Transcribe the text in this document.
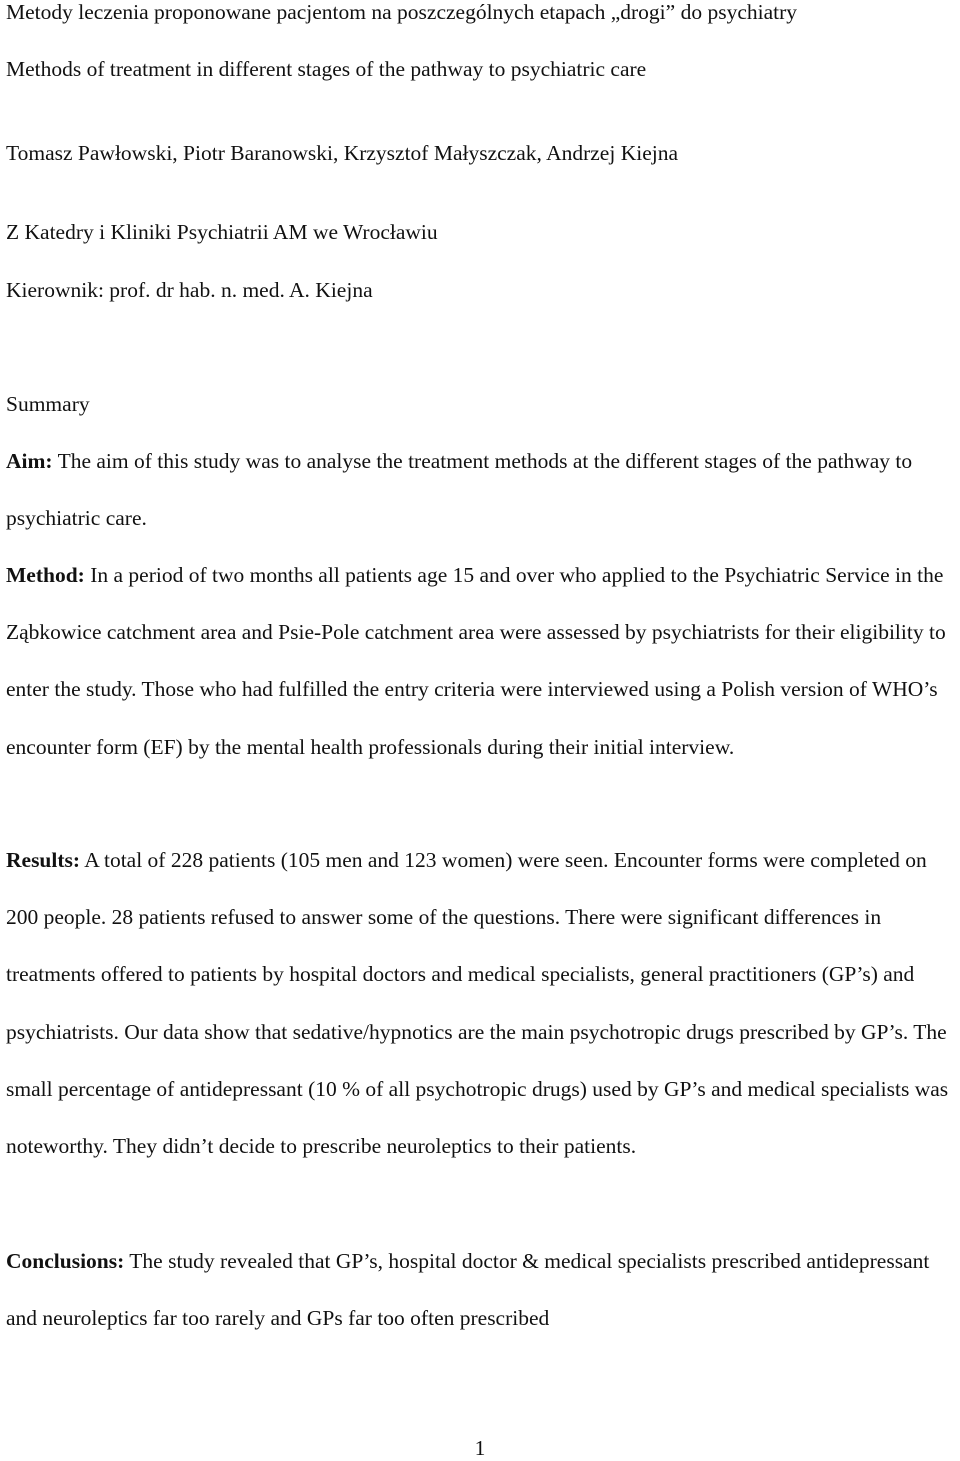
Metody leczenia proponowane pacjentom na poszczególnych etapach „drogi” do psychiatry
Methods of treatment in different stages of the pathway to psychiatric care
Tomasz Pawłowski, Piotr Baranowski, Krzysztof Małyszczak, Andrzej Kiejna
Z Katedry i Kliniki Psychiatrii AM we Wrocławiu
Kierownik: prof. dr hab. n. med. A. Kiejna
Summary

Aim: The aim of this study was to analyse the treatment methods at the different stages of the pathway to psychiatric care.

Method: In a period of two months all patients age 15 and over who applied to the Psychiatric Service in the Ząbkowice catchment area and Psie-Pole catchment area were assessed by psychiatrists for their eligibility to enter the study. Those who had fulfilled the entry criteria were interviewed using a Polish version of WHO’s encounter form (EF) by the mental health professionals during their initial interview.

Results: A total of 228 patients (105 men and 123 women) were seen. Encounter forms were completed on 200 people. 28 patients refused to answer some of the questions. There were significant differences in treatments offered to patients by hospital doctors and medical specialists, general practitioners (GP’s) and psychiatrists. Our data show that sedative/hypnotics are the main psychotropic drugs prescribed by GP’s. The small percentage of antidepressant (10 % of all psychotropic drugs) used by GP’s and medical specialists was noteworthy. They didn’t decide to prescribe neuroleptics to their patients.

Conclusions: The study revealed that GP’s, hospital doctor & medical specialists prescribed antidepressant and neuroleptics far too rarely and GPs far too often prescribed

1
